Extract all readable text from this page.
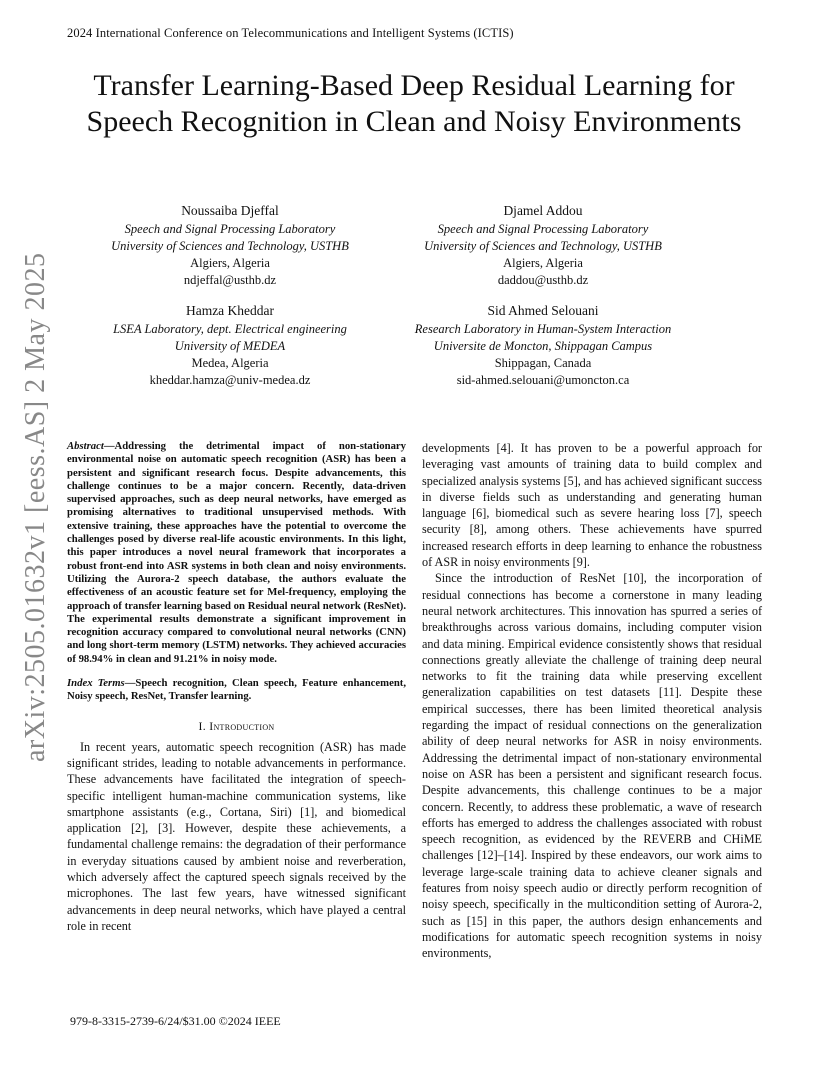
2024 International Conference on Telecommunications and Intelligent Systems (ICTIS)
Transfer Learning-Based Deep Residual Learning for Speech Recognition in Clean and Noisy Environments
Noussaiba Djeffal
Speech and Signal Processing Laboratory
University of Sciences and Technology, USTHB
Algiers, Algeria
ndjeffal@usthb.dz
Djamel Addou
Speech and Signal Processing Laboratory
University of Sciences and Technology, USTHB
Algiers, Algeria
daddou@usthb.dz
Hamza Kheddar
LSEA Laboratory, dept. Electrical engineering
University of MEDEA
Medea, Algeria
kheddar.hamza@univ-medea.dz
Sid Ahmed Selouani
Research Laboratory in Human-System Interaction
Universite de Moncton, Shippagan Campus
Shippagan, Canada
sid-ahmed.selouani@umoncton.ca
arXiv:2505.01632v1 [eess.AS] 2 May 2025 Abstract—Addressing the detrimental impact of non-stationary environmental noise on automatic speech recognition (ASR) has been a persistent and significant research focus. Despite advancements, this challenge continues to be a major concern. Recently, data-driven supervised approaches, such as deep neural networks, have emerged as promising alternatives to traditional unsupervised methods. With extensive training, these approaches have the potential to overcome the challenges posed by diverse real-life acoustic environments. In this light, this paper introduces a novel neural framework that incorporates a robust front-end into ASR systems in both clean and noisy environments. Utilizing the Aurora-2 speech database, the authors evaluate the effectiveness of an acoustic feature set for Mel-frequency, employing the approach of transfer learning based on Residual neural network (ResNet). The experimental results demonstrate a significant improvement in recognition accuracy compared to convolutional neural networks (CNN) and long short-term memory (LSTM) networks. They achieved accuracies of 98.94% in clean and 91.21% in noisy mode.

Index Terms—Speech recognition, Clean speech, Feature enhancement, Noisy speech, ResNet, Transfer learning.

I. Introduction

In recent years, automatic speech recognition (ASR) has made significant strides, leading to notable advancements in performance. These advancements have facilitated the integration of speech-specific intelligent human-machine communication systems, like smartphone assistants (e.g., Cortana, Siri) [1], and biomedical application [2], [3]. However, despite these achievements, a fundamental challenge remains: the degradation of their performance in everyday situations caused by ambient noise and reverberation, which adversely affect the captured speech signals received by the microphones. The last few years, have witnessed significant advancements in deep neural networks, which have played a central role in recent

developments [4]. It has proven to be a powerful approach for leveraging vast amounts of training data to build complex and specialized analysis systems [5], and has achieved significant success in diverse fields such as understanding and generating human language [6], biomedical such as severe hearing loss [7], speech security [8], among others. These achievements have spurred increased research efforts in deep learning to enhance the robustness of ASR in noisy environments [9].

Since the introduction of ResNet [10], the incorporation of residual connections has become a cornerstone in many leading neural network architectures. This innovation has spurred a series of breakthroughs across various domains, including computer vision and data mining. Empirical evidence consistently shows that residual connections greatly alleviate the challenge of training deep neural networks to fit the training data while preserving excellent generalization capabilities on test datasets [11]. Despite these empirical successes, there has been limited theoretical analysis regarding the impact of residual connections on the generalization ability of deep neural networks for ASR in noisy environments. Addressing the detrimental impact of non-stationary environmental noise on ASR has been a persistent and significant research focus. Despite advancements, this challenge continues to be a major concern. Recently, to address these problematic, a wave of research efforts has emerged to address the challenges associated with robust speech recognition, as evidenced by the REVERB and CHiME challenges [12]–[14]. Inspired by these endeavors, our work aims to leverage large-scale training data to achieve cleaner signals and features from noisy speech audio or directly perform recognition of noisy speech, specifically in the multicondition setting of Aurora-2, such as [15] in this paper, the authors design enhancements and modifications for automatic speech recognition systems in noisy environments,

979-8-3315-2739-6/24/$31.00 ©2024 IEEE
